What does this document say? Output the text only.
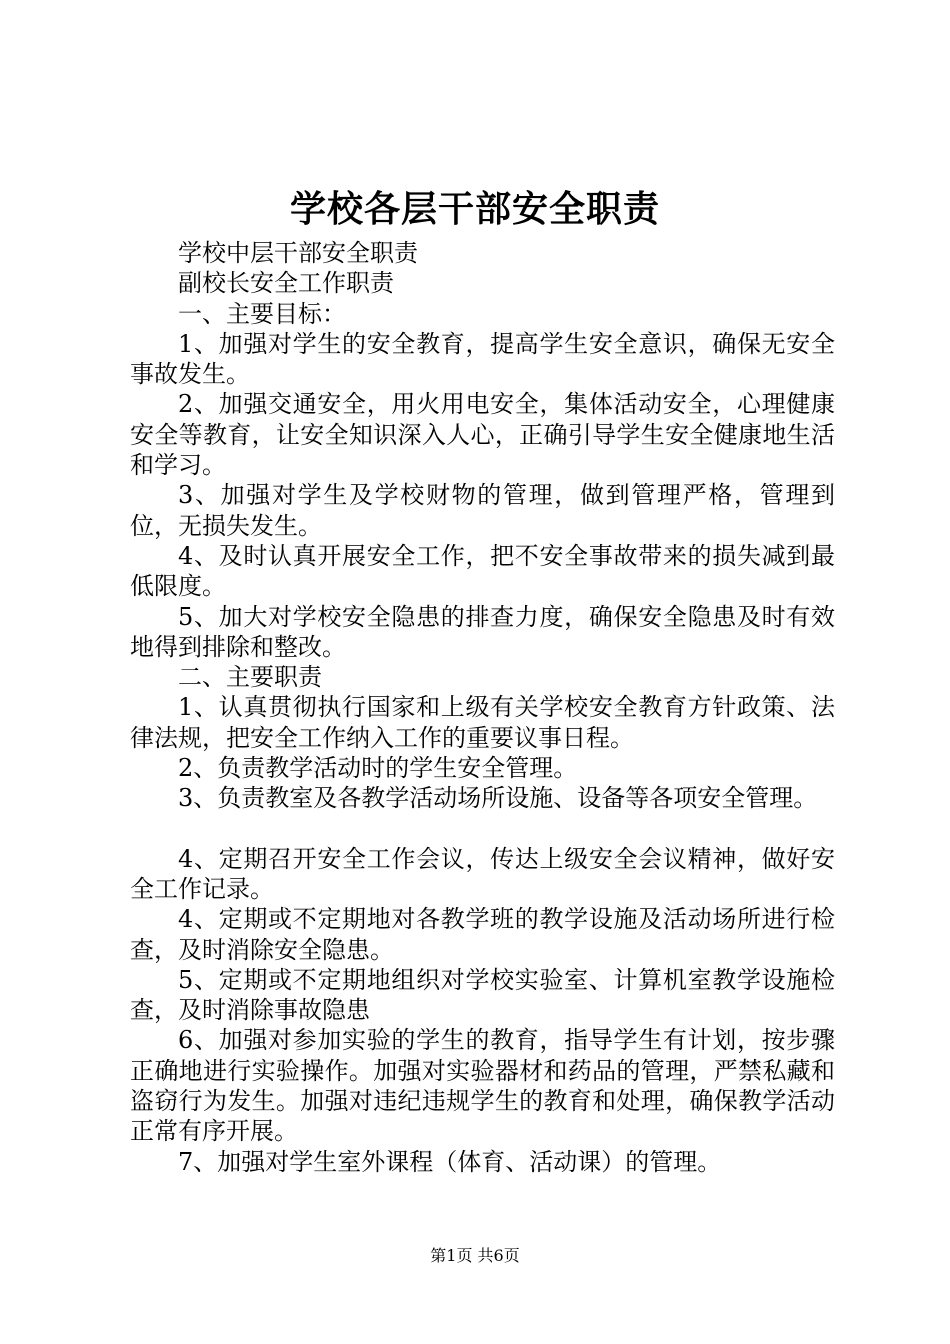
学校各层干部安全职责

学校中层干部安全职责

副校长安全工作职责

一、主要目标：

1、加强对学生的安全教育，提高学生安全意识，确保无安全事故发生。

2、加强交通安全，用火用电安全，集体活动安全，心理健康安全等教育，让安全知识深入人心，正确引导学生安全健康地生活和学习。

3、加强对学生及学校财物的管理，做到管理严格，管理到位，无损失发生。

4、及时认真开展安全工作，把不安全事故带来的损失减到最低限度。

5、加大对学校安全隐患的排查力度，确保安全隐患及时有效地得到排除和整改。

二、主要职责

1、认真贯彻执行国家和上级有关学校安全教育方针政策、法律法规，把安全工作纳入工作的重要议事日程。

2、负责教学活动时的学生安全管理。

3、负责教室及各教学活动场所设施、设备等各项安全管理。

4、定期召开安全工作会议，传达上级安全会议精神，做好安全工作记录。

4、定期或不定期地对各教学班的教学设施及活动场所进行检查，及时消除安全隐患。

5、定期或不定期地组织对学校实验室、计算机室教学设施检查，及时消除事故隐患

6、加强对参加实验的学生的教育，指导学生有计划，按步骤正确地进行实验操作。加强对实验器材和药品的管理，严禁私藏和盗窃行为发生。加强对违纪违规学生的教育和处理，确保教学活动正常有序开展。

7、加强对学生室外课程（体育、活动课）的管理。

第1页 共6页
